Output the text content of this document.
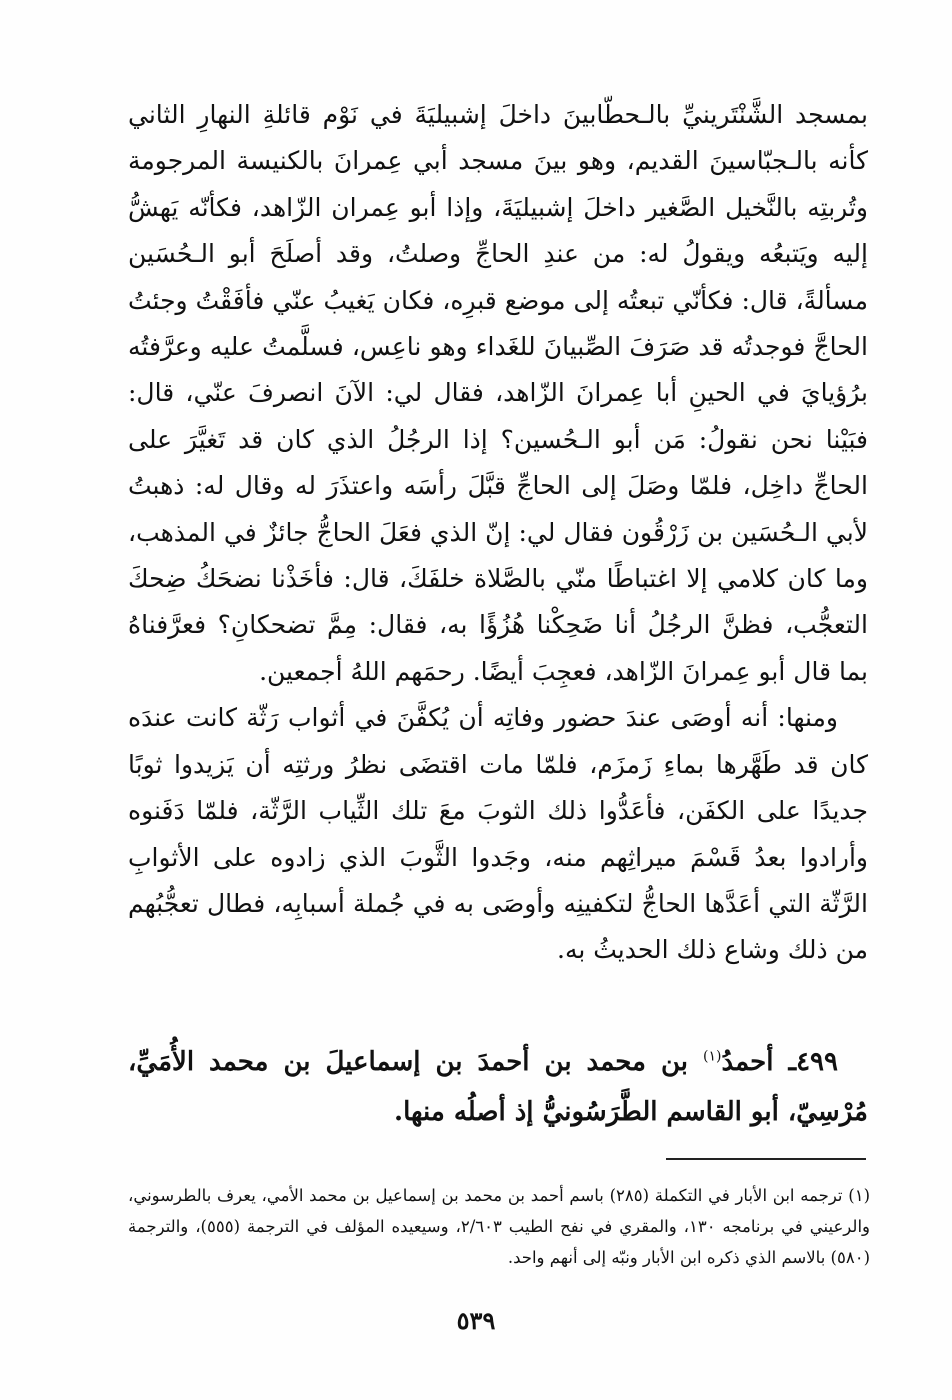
بمسجد الشَّنْتَرينيِّ بالـحطّابينَ داخلَ إشبيليَةَ في نَوْم قائلةِ النهارِ الثاني كأنه بالـجبّاسينَ القديم، وهو بينَ مسجد أبي عِمرانَ بالكنيسة المرجومة وتُربتِه بالنَّخيل الصَّغير داخلَ إشبيليَةَ، وإذا أبو عِمران الزّاهد، فكأنّه يَهشُّ إليه ويَتبعُه ويقولُ له: من عندِ الحاجِّ وصلتُ، وقد أصلَحَ أبو الـحُسَين مسألةً، قال: فكأنّي تبعتُه إلى موضع قبرِه، فكان يَغيبُ عنّي فأفَقْتُ وجئتُ الحاجَّ فوجدتُه قد صَرَفَ الصِّبيانَ للغَداء وهو ناعِس، فسلَّمتُ عليه وعرَّفتُه برُؤيايَ في الحينِ أبا عِمرانَ الزّاهد، فقال لي: الآنَ انصرفَ عنّي، قال: فبَيْنا نحن نقولُ: مَن أبو الـحُسين؟ إذا الرجُلُ الذي كان قد تَغيَّرَ على الحاجِّ داخِل، فلمّا وصَلَ إلى الحاجِّ قبَّلَ رأسَه واعتذَرَ له وقال له: ذهبتُ لأبي الـحُسَين بن زَرْقُون فقال لي: إنّ الذي فعَلَ الحاجُّ جائزٌ في المذهب، وما كان كلامي إلا اغتباطًا منّي بالصَّلاة خلفَكَ، قال: فأخَذْنا نضحَكُ ضِحكَ التعجُّب، فظنَّ الرجُلُ أنا ضَحِكْنا هُزُؤًا به، فقال: مِمَّ تضحكانِ؟ فعرَّفناهُ بما قال أبو عِمرانَ الزّاهد، فعجِبَ أيضًا. رحمَهم اللهُ أجمعين.

ومنها: أنه أوصَى عندَ حضور وفاتِه أن يُكفَّنَ في أثواب رَثّة كانت عندَه كان قد طَهَّرها بماءِ زَمزَم، فلمّا مات اقتضَى نظرُ ورثتِه أن يَزيدوا ثوبًا جديدًا على الكفَن، فأعَدُّوا ذلك الثوبَ معَ تلك الثِّياب الرَّثّة، فلمّا دَفَنوه وأرادوا بعدُ قَسْمَ ميراثِهم منه، وجَدوا الثَّوبَ الذي زادوه على الأثوابِ الرَّثّة التي أعَدَّها الحاجُّ لتكفينِه وأوصَى به في جُملة أسبابِه، فطال تعجُّبُهم من ذلك وشاع ذلك الحديثُ به.

٤٩٩ـ أحمدُ$^{(١)}$ بن محمد بن أحمدَ بن إسماعيلَ بن محمد الأُمَيِّ، مُرْسِيّ، أبو القاسم الطَّرَسُونيُّ إذ أصلُه منها.
(١) ترجمه ابن الأبار في التكملة (٢٨٥) باسم أحمد بن محمد بن إسماعيل بن محمد الأمي، يعرف بالطرسوني، والرعيني في برنامجه ١٣٠، والمقري في نفح الطيب ٢/٦٠٣، وسيعيده المؤلف في الترجمة (٥٥٥)، والترجمة (٥٨٠) بالاسم الذي ذكره ابن الأبار ونبّه إلى أنهم واحد.
٥٣٩
